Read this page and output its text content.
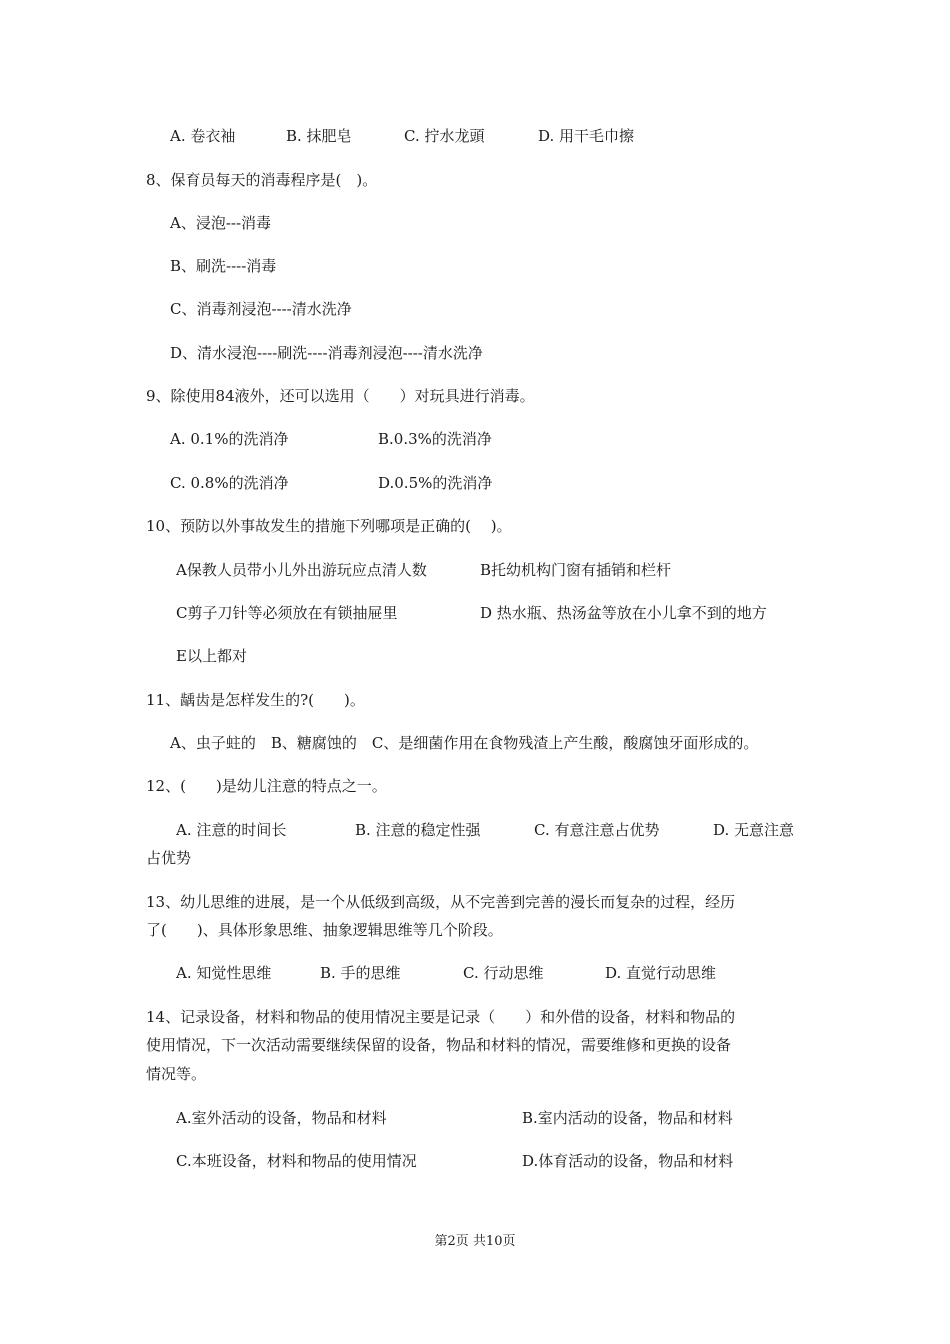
A. 卷衣袖	B. 抹肥皂	C. 拧水龙頭	D. 用干毛巾擦
8、保育员每天的消毒程序是(　)。
A、浸泡---消毒
B、刷洗----消毒
C、消毒剂浸泡----清水洗净
D、清水浸泡----刷洗----消毒剂浸泡----清水洗净
9、除使用84液外，还可以选用（　　）对玩具进行消毒。
A. 0.1%的洗消净	B.0.3%的洗消净
C. 0.8%的洗消净	D.0.5%的洗消净
10、预防以外事故发生的措施下列哪项是正确的(　 )。
A保教人员带小儿外出游玩应点清人数	B托幼机构门窗有插销和栏杆
C剪子刀针等必须放在有锁抽屉里	D 热水瓶、热汤盆等放在小儿拿不到的地方
E以上都对
11、龋齿是怎样发生的?(　　)。
A、虫子蛀的　B、糖腐蚀的　C、是细菌作用在食物残渣上产生酸，酸腐蚀牙面形成的。
12、(　　)是幼儿注意的特点之一。
A. 注意的时间长	B. 注意的稳定性强	C. 有意注意占优势	D. 无意注意
占优势
13、幼儿思维的进展，是一个从低级到高级，从不完善到完善的漫长而复杂的过程，经历
了(　　)、具体形象思维、抽象逻辑思维等几个阶段。
A. 知觉性思维	B. 手的思维	C. 行动思维	D. 直觉行动思维
14、记录设备，材料和物品的使用情况主要是记录（　　）和外借的设备，材料和物品的
使用情况，下一次活动需要继续保留的设备，物品和材料的情况，需要维修和更换的设备
情况等。
A.室外活动的设备，物品和材料	B.室内活动的设备，物品和材料
C.本班设备，材料和物品的使用情况	D.体育活动的设备，物品和材料
第2页 共10页
